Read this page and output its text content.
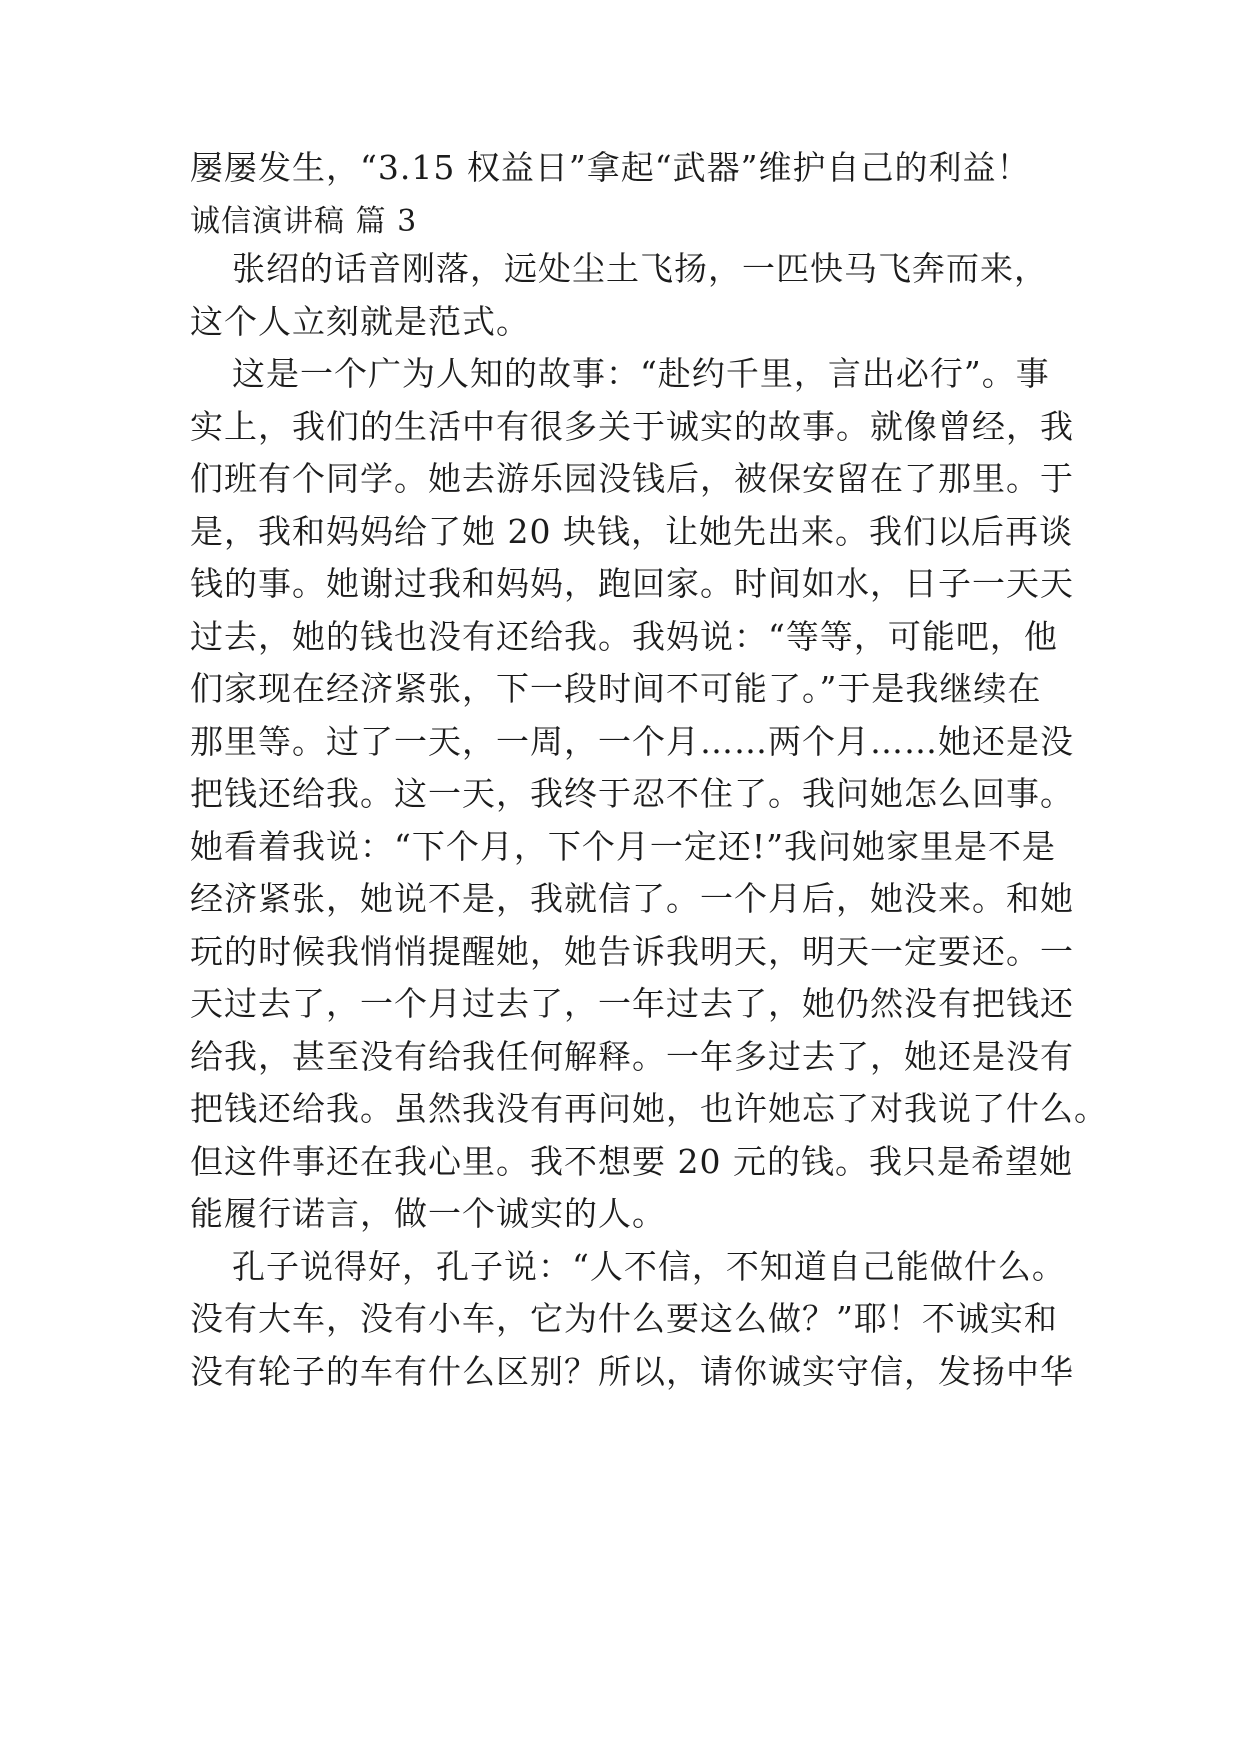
屡屡发生，“3.15 权益日”拿起“武器”维护自己的利益！
诚信演讲稿 篇 3
张绍的话音刚落，远处尘土飞扬，一匹快马飞奔而来，
这个人立刻就是范式。
这是一个广为人知的故事：“赴约千里，言出必行”。事
实上，我们的生活中有很多关于诚实的故事。就像曾经，我
们班有个同学。她去游乐园没钱后，被保安留在了那里。于
是，我和妈妈给了她 20 块钱，让她先出来。我们以后再谈
钱的事。她谢过我和妈妈，跑回家。时间如水，日子一天天
过去，她的钱也没有还给我。我妈说：“等等，可能吧，他
们家现在经济紧张，下一段时间不可能了。”于是我继续在
那里等。过了一天，一周，一个月……两个月……她还是没
把钱还给我。这一天，我终于忍不住了。我问她怎么回事。
她看着我说：“下个月，下个月一定还!”我问她家里是不是
经济紧张，她说不是，我就信了。一个月后，她没来。和她
玩的时候我悄悄提醒她，她告诉我明天，明天一定要还。一
天过去了，一个月过去了，一年过去了，她仍然没有把钱还
给我，甚至没有给我任何解释。一年多过去了，她还是没有
把钱还给我。虽然我没有再问她，也许她忘了对我说了什么。
但这件事还在我心里。我不想要 20 元的钱。我只是希望她
能履行诺言，做一个诚实的人。
孔子说得好，孔子说：“人不信，不知道自己能做什么。
没有大车，没有小车，它为什么要这么做？”耶！不诚实和
没有轮子的车有什么区别？所以，请你诚实守信，发扬中华
